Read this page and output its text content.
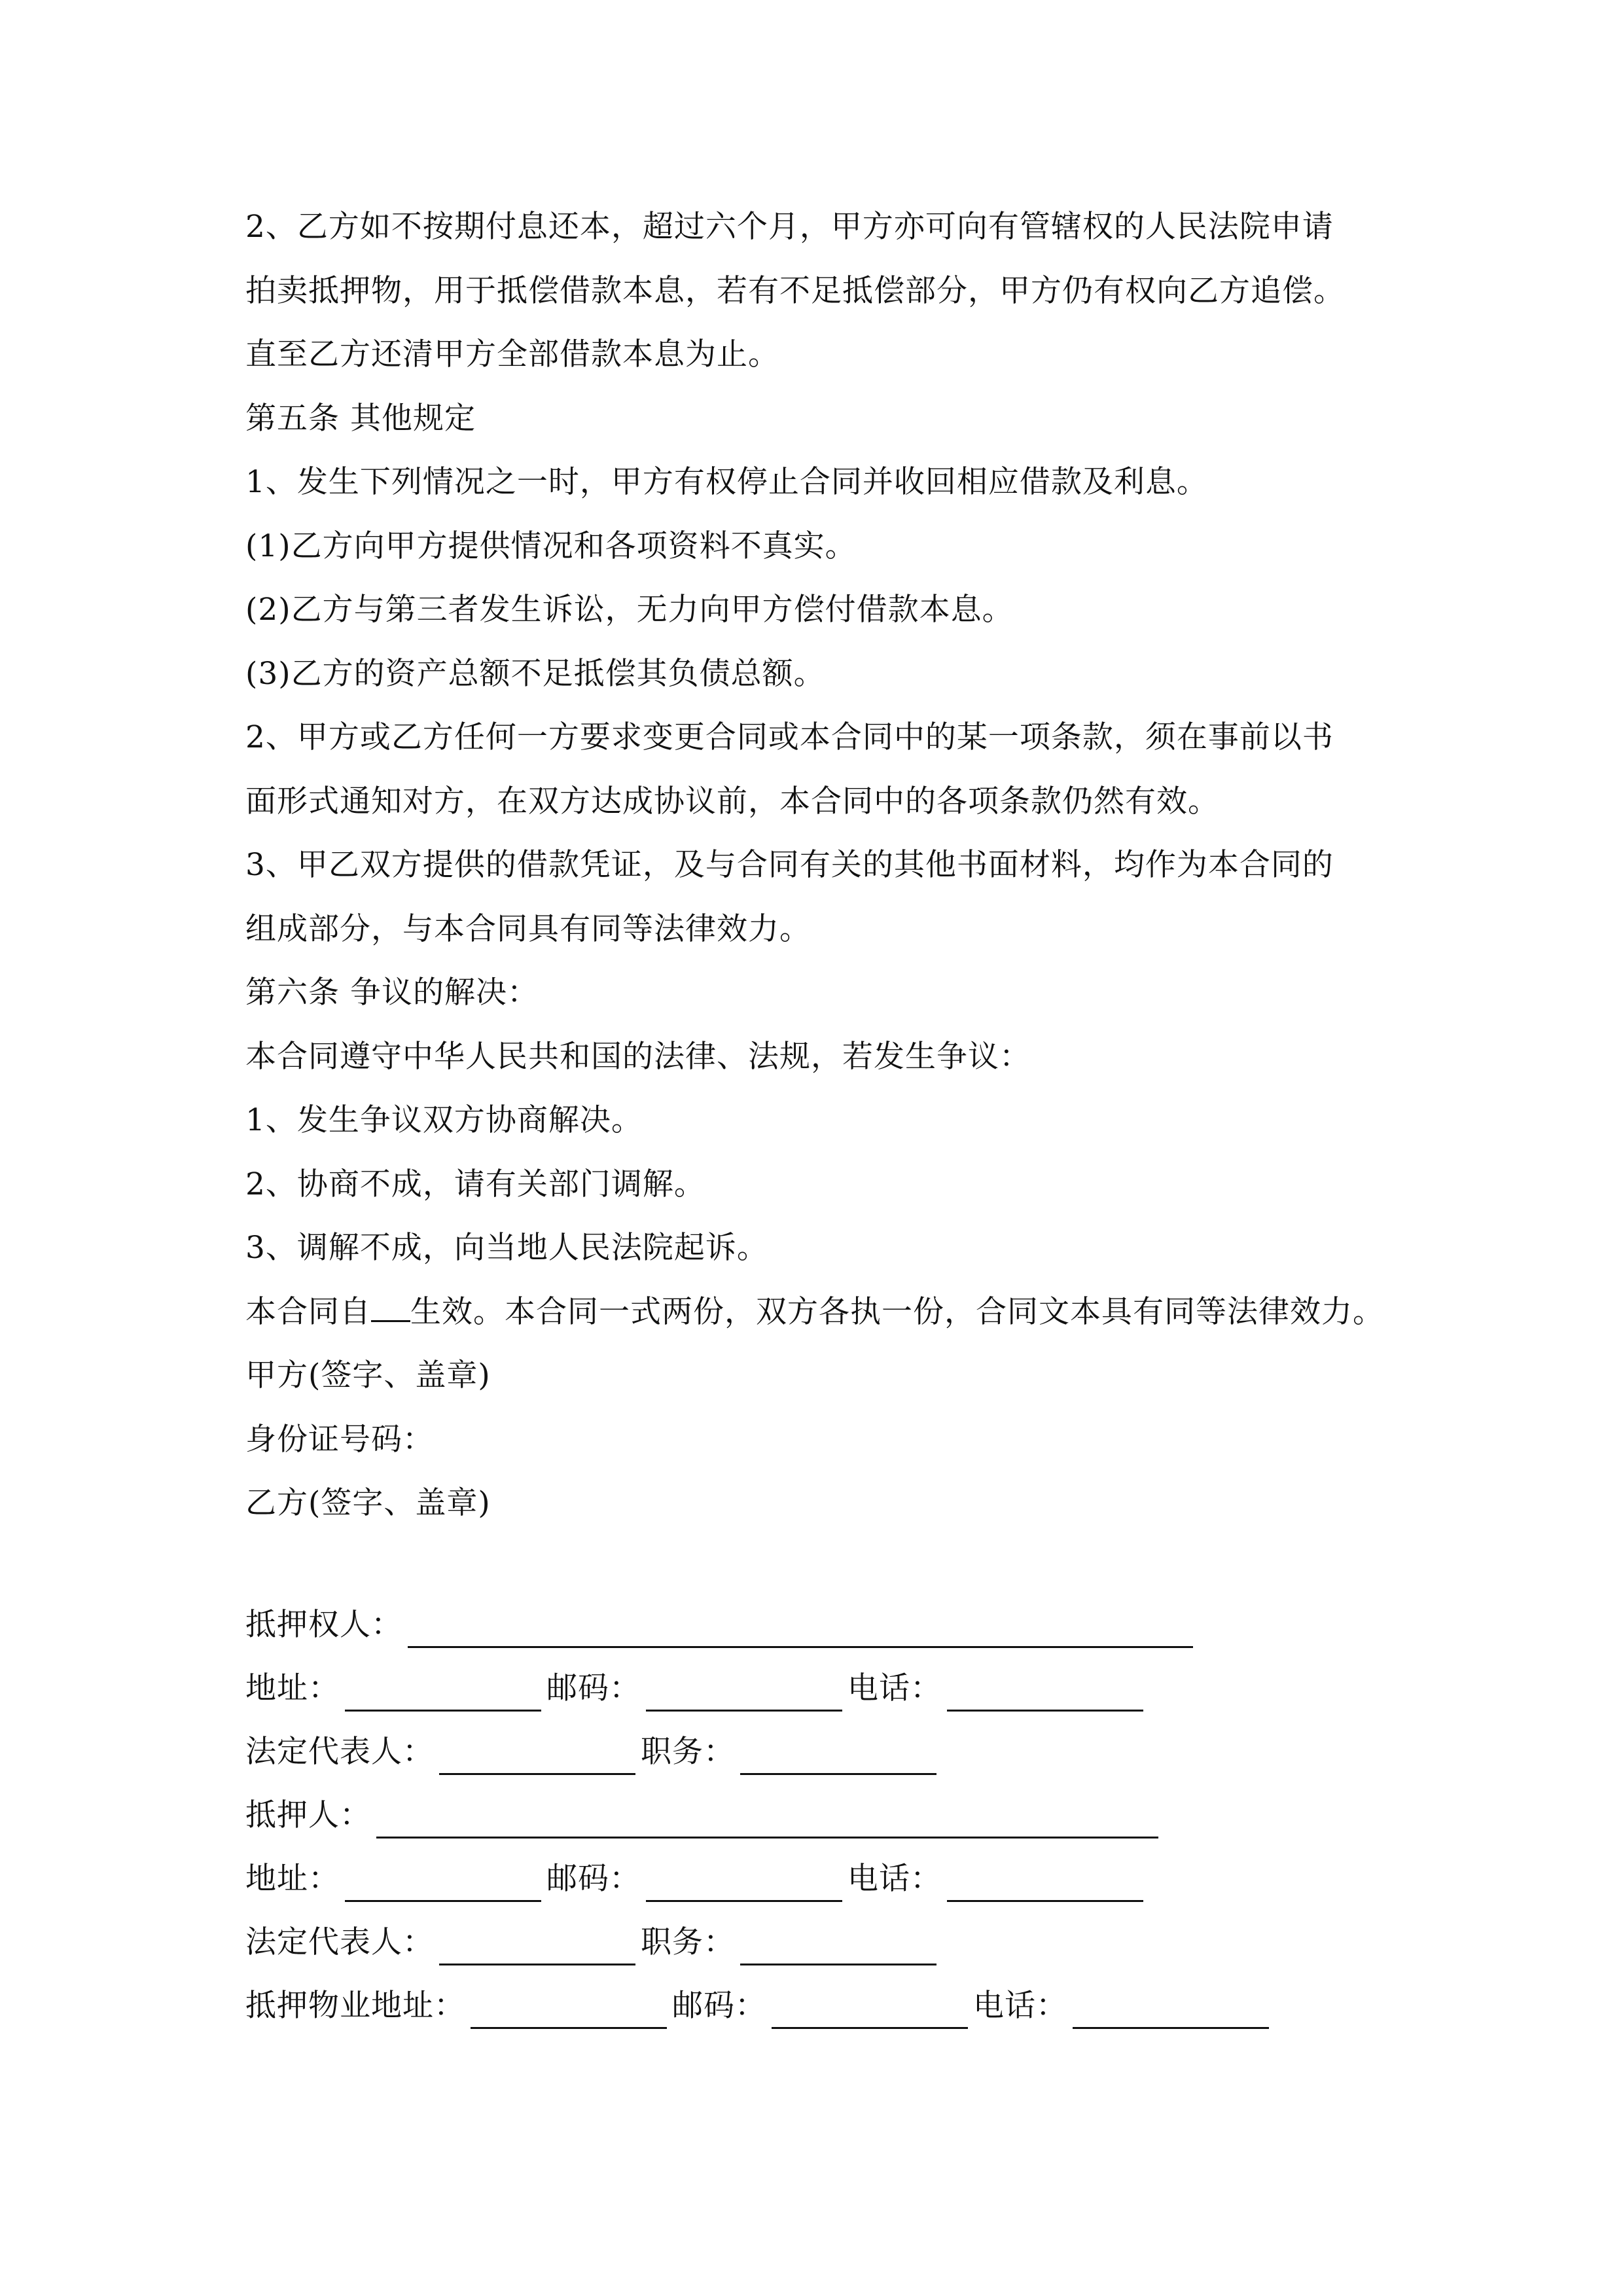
2、乙方如不按期付息还本，超过六个月，甲方亦可向有管辖权的人民法院申请
拍卖抵押物，用于抵偿借款本息，若有不足抵偿部分，甲方仍有权向乙方追偿。
直至乙方还清甲方全部借款本息为止。
第五条 其他规定
1、发生下列情况之一时，甲方有权停止合同并收回相应借款及利息。
(1)乙方向甲方提供情况和各项资料不真实。
(2)乙方与第三者发生诉讼，无力向甲方偿付借款本息。
(3)乙方的资产总额不足抵偿其负债总额。
2、甲方或乙方任何一方要求变更合同或本合同中的某一项条款，须在事前以书
面形式通知对方，在双方达成协议前，本合同中的各项条款仍然有效。
3、甲乙双方提供的借款凭证，及与合同有关的其他书面材料，均作为本合同的
组成部分，与本合同具有同等法律效力。
第六条 争议的解决：
本合同遵守中华人民共和国的法律、法规，若发生争议：
1、发生争议双方协商解决。
2、协商不成，请有关部门调解。
3、调解不成，向当地人民法院起诉。
本合同自 生效。本合同一式两份，双方各执一份，合同文本具有同等法律效力。
甲方(签字、盖章)
身份证号码：
乙方(签字、盖章)
抵押权人：
地址：	邮码：	电话：
法定代表人：	职务：
抵押人：
地址：	邮码：	电话：
法定代表人：	职务：
抵押物业地址：	邮码：	电话：
